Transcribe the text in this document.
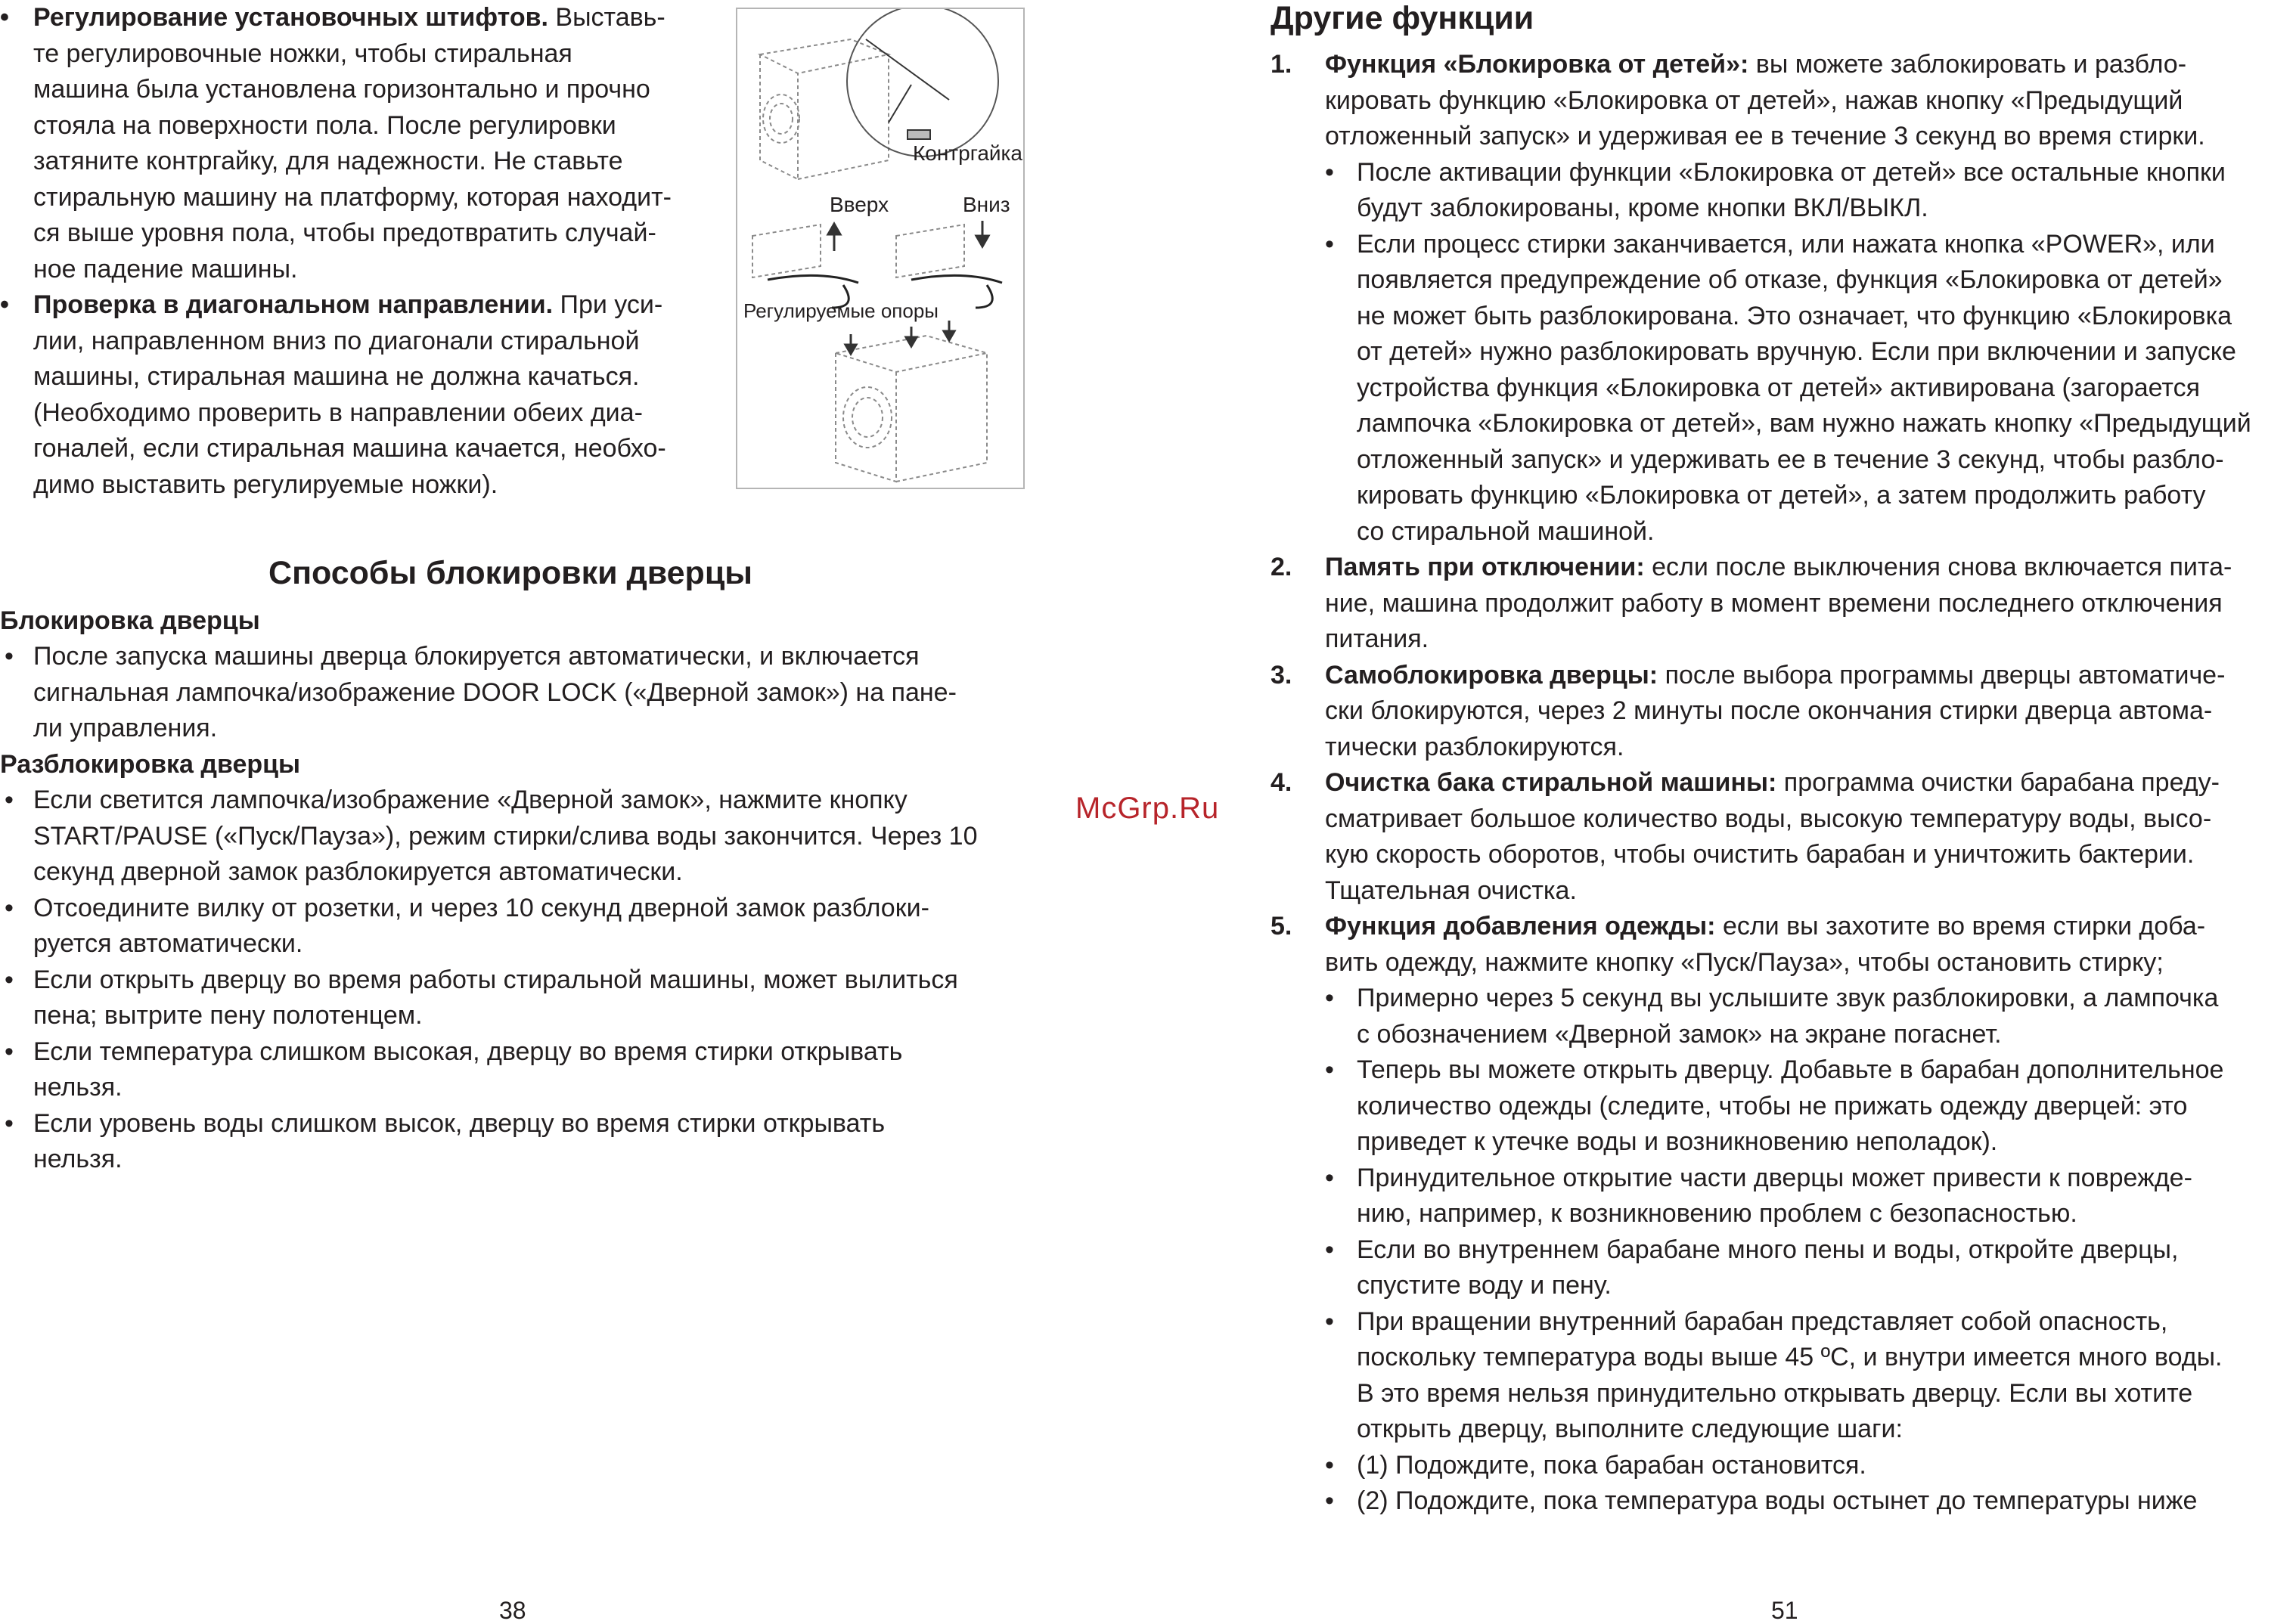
• Регулирование установочных штифтов. Выставь-
те регулировочные ножки, чтобы стиральная
машина была установлена горизонтально и прочно
стояла на поверхности пола. После регулировки
затяните контргайку, для надежности. Не ставьте
стиральную машину на платформу, которая находит-
ся выше уровня пола, чтобы предотвратить случай-
ное падение машины.

• Проверка в диагональном направлении. При уси-
лии, направленном вниз по диагонали стиральной
машины, стиральная машина не должна качаться.
(Необходимо проверить в направлении обеих диа-
гоналей, если стиральная машина качается, необхо-
димо выставить регулируемые ножки).

Контргайка
Вверх	Вниз
Регулируемые опоры
Способы блокировки дверцы
Блокировка дверцы

• После запуска машины дверца блокируется автоматически, и включается
сигнальная лампочка/изображение DOOR LOCK («Дверной замок») на пане-
ли управления.

Разблокировка дверцы

• Если светится лампочка/изображение «Дверной замок», нажмите кнопку
START/PAUSE («Пуск/Пауза»), режим стирки/слива воды закончится. Через 10
секунд дверной замок разблокируется автоматически.

• Отсоедините вилку от розетки, и через 10 секунд дверной замок разблоки-
руется автоматически.

• Если открыть дверцу во время работы стиральной машины, может вылиться
пена; вытрите пену полотенцем.

• Если температура слишком высокая, дверцу во время стирки открывать
нельзя.

• Если уровень воды слишком высок, дверцу во время стирки открывать
нельзя.

38
McGrp.Ru
Другие функции
1. Функция «Блокировка от детей»: вы можете заблокировать и разбло-
кировать функцию «Блокировка от детей», нажав кнопку «Предыдущий
отложенный запуск» и удерживая ее в течение 3 секунд во время стирки.
• После активации функции «Блокировка от детей» все остальные кнопки
будут заблокированы, кроме кнопки ВКЛ/ВЫКЛ.
• Если процесс стирки заканчивается, или нажата кнопка «POWER», или
появляется предупреждение об отказе, функция «Блокировка от детей»
не может быть разблокирована. Это означает, что функцию «Блокировка
от детей» нужно разблокировать вручную. Если при включении и запуске
устройства функция «Блокировка от детей» активирована (загорается
лампочка «Блокировка от детей», вам нужно нажать кнопку «Предыдущий
отложенный запуск» и удерживать ее в течение 3 секунд, чтобы разбло-
кировать функцию «Блокировка от детей», а затем продолжить работу
со стиральной машиной.
2. Память при отключении: если после выключения снова включается пита-
ние, машина продолжит работу в момент времени последнего отключения
питания.
3. Самоблокировка дверцы: после выбора программы дверцы автоматиче-
ски блокируются, через 2 минуты после окончания стирки дверца автома-
тически разблокируются.
4. Очистка бака стиральной машины: программа очистки барабана преду-
сматривает большое количество воды, высокую температуру воды, высо-
кую скорость оборотов, чтобы очистить барабан и уничтожить бактерии.
Тщательная очистка.
5. Функция добавления одежды: если вы захотите во время стирки доба-
вить одежду, нажмите кнопку «Пуск/Пауза», чтобы остановить стирку;
• Примерно через 5 секунд вы услышите звук разблокировки, а лампочка
с обозначением «Дверной замок» на экране погаснет.
• Теперь вы можете открыть дверцу. Добавьте в барабан дополнительное
количество одежды (следите, чтобы не прижать одежду дверцей: это
приведет к утечке воды и возникновению неполадок).
• Принудительное открытие части дверцы может привести к поврежде-
нию, например, к возникновению проблем с безопасностью.
• Если во внутреннем барабане много пены и воды, откройте дверцы,
спустите воду и пену.
• При вращении внутренний барабан представляет собой опасность,
поскольку температура воды выше 45 ºC, и внутри имеется много воды.
В это время нельзя принудительно открывать дверцу. Если вы хотите
открыть дверцу, выполните следующие шаги:
• (1) Подождите, пока барабан остановится.
• (2) Подождите, пока температура воды остынет до температуры ниже
51
